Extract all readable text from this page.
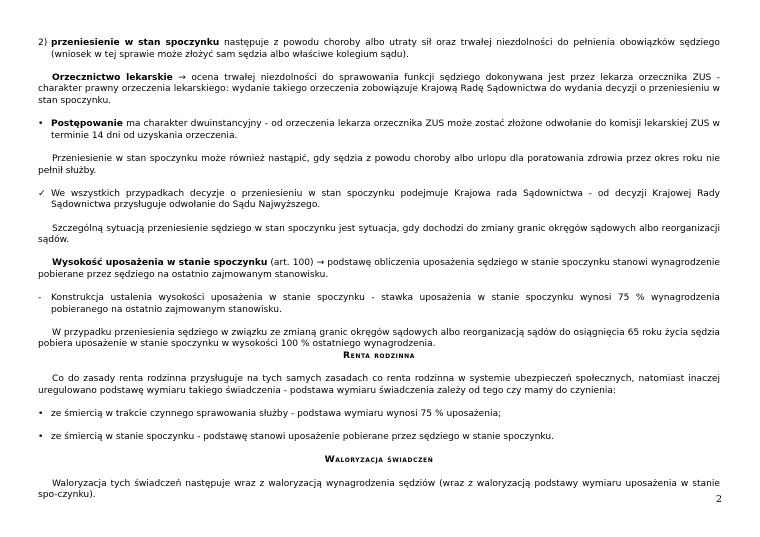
2) przeniesienie w stan spoczynku następuje z powodu choroby albo utraty sił oraz trwałej niezdolności do pełnienia obowiązków sędziego (wniosek w tej sprawie może złożyć sam sędzia albo właściwe kolegium sądu).

Orzecznictwo lekarskie → ocena trwałej niezdolności do sprawowania funkcji sędziego dokonywana jest przez lekarza orzecznika ZUS - charakter prawny orzeczenia lekarskiego: wydanie takiego orzeczenia zobowiązuje Krajową Radę Sądownictwa do wydania decyzji o przeniesieniu w stan spoczynku.

• Postępowanie ma charakter dwuinstancyjny - od orzeczenia lekarza orzecznika ZUS może zostać złożone odwołanie do komisji lekarskiej ZUS w terminie 14 dni od uzyskania orzeczenia.

Przeniesienie w stan spoczynku może również nastąpić, gdy sędzia z powodu choroby albo urlopu dla poratowania zdrowia przez okres roku nie pełnił służby.

✓ We wszystkich przypadkach decyzje o przeniesieniu w stan spoczynku podejmuje Krajowa rada Sądownictwa - od decyzji Krajowej Rady Sądownictwa przysługuje odwołanie do Sądu Najwyższego.

Szczególną sytuacją przeniesienie sędziego w stan spoczynku jest sytuacja, gdy dochodzi do zmiany granic okręgów sądowych albo reorganizacji sądów.

Wysokość uposażenia w stanie spoczynku (art. 100) → podstawę obliczenia uposażenia sędziego w stanie spoczynku stanowi wynagrodzenie pobierane przez sędziego na ostatnio zajmowanym stanowisku.

- Konstrukcja ustalenia wysokości uposażenia w stanie spoczynku - stawka uposażenia w stanie spoczynku wynosi 75 % wynagrodzenia pobieranego na ostatnio zajmowanym stanowisku.

W przypadku przeniesienia sędziego w związku ze zmianą granic okręgów sądowych albo reorganizacją sądów do osiągnięcia 65 roku życia sędzia pobiera uposażenie w stanie spoczynku w wysokości 100 % ostatniego wynagrodzenia.

Renta rodzinna

Co do zasady renta rodzinna przysługuje na tych samych zasadach co renta rodzinna w systemie ubezpieczeń społecznych, natomiast inaczej uregulowano podstawę wymiaru takiego świadczenia - podstawa wymiaru świadczenia zależy od tego czy mamy do czynienia:

• ze śmiercią w trakcie czynnego sprawowania służby - podstawa wymiaru wynosi 75 % uposażenia;

• ze śmiercią w stanie spoczynku - podstawę stanowi uposażenie pobierane przez sędziego w stanie spoczynku.

Waloryzacja świadczeń

Waloryzacja tych świadczeń następuje wraz z waloryzacją wynagrodzenia sędziów (wraz z waloryzacją podstawy wymiaru uposażenia w stanie spo-czynku).	2
